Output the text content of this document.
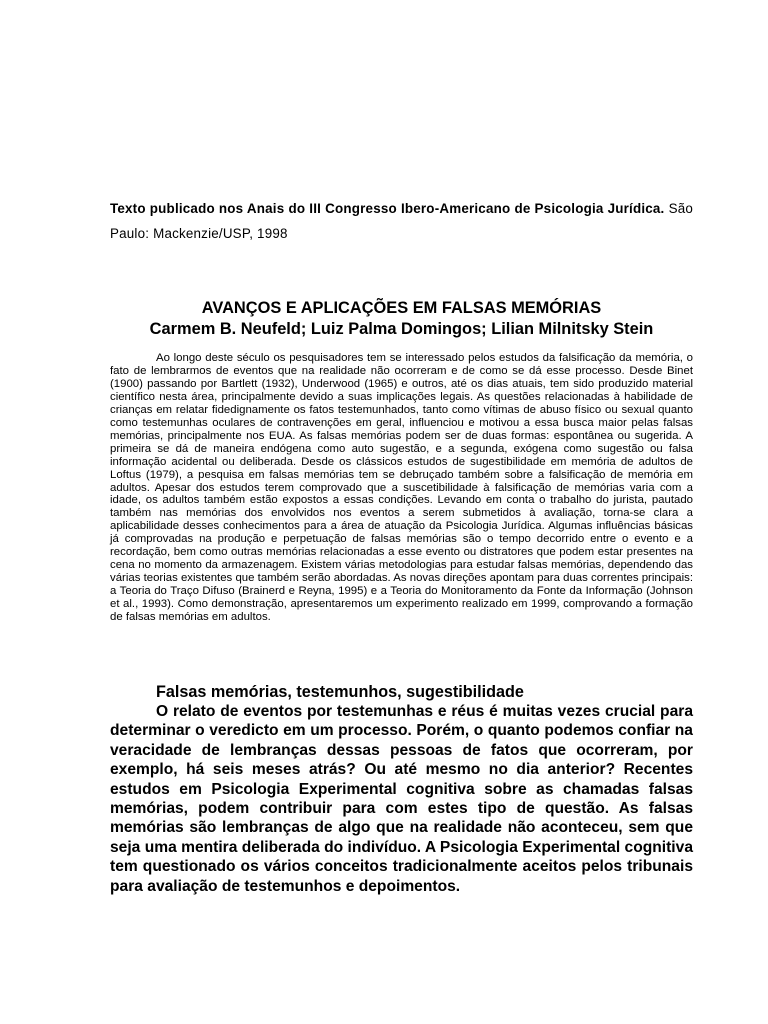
Texto publicado nos Anais do III Congresso Ibero-Americano de Psicologia Jurídica. São Paulo: Mackenzie/USP, 1998
AVANÇOS E APLICAÇÕES EM FALSAS MEMÓRIAS
Carmem B. Neufeld; Luiz Palma Domingos; Lilian Milnitsky Stein

Ao longo deste século os pesquisadores tem se interessado pelos estudos da falsificação da memória, o fato de lembrarmos de eventos que na realidade não ocorreram e de como se dá esse processo. Desde Binet (1900) passando por Bartlett (1932), Underwood (1965) e outros, até os dias atuais, tem sido produzido material científico nesta área, principalmente devido a suas implicações legais. As questões relacionadas à habilidade de crianças em relatar fidedignamente os fatos testemunhados, tanto como vítimas de abuso físico ou sexual quanto como testemunhas oculares de contravenções em geral, influenciou e motivou a essa busca maior pelas falsas memórias, principalmente nos EUA. As falsas memórias podem ser de duas formas: espontânea ou sugerida. A primeira se dá de maneira endógena como auto sugestão, e a segunda, exógena como sugestão ou falsa informação acidental ou deliberada. Desde os clássicos estudos de sugestibilidade em memória de adultos de Loftus (1979), a pesquisa em falsas memórias tem se debruçado também sobre a falsificação de memória em adultos. Apesar dos estudos terem comprovado que a suscetibilidade à falsificação de memórias varia com a idade, os adultos também estão expostos a essas condições. Levando em conta o trabalho do jurista, pautado também nas memórias dos envolvidos nos eventos a serem submetidos à avaliação, torna-se clara a aplicabilidade desses conhecimentos para a área de atuação da Psicologia Jurídica. Algumas influências básicas já comprovadas na produção e perpetuação de falsas memórias são o tempo decorrido entre o evento e a recordação, bem como outras memórias relacionadas a esse evento ou distratores que podem estar presentes na cena no momento da armazenagem. Existem várias metodologias para estudar falsas memórias, dependendo das várias teorias existentes que também serão abordadas. As novas direções apontam para duas correntes principais: a Teoria do Traço Difuso (Brainerd e Reyna, 1995) e a Teoria do Monitoramento da Fonte da Informação (Johnson et al., 1993). Como demonstração, apresentaremos um experimento realizado em 1999, comprovando a formação de falsas memórias em adultos.

Falsas memórias, testemunhos, sugestibilidade

O relato de eventos por testemunhas e réus é muitas vezes crucial para determinar o veredicto em um processo. Porém, o quanto podemos confiar na veracidade de lembranças dessas pessoas de fatos que ocorreram, por exemplo, há seis meses atrás? Ou até mesmo no dia anterior? Recentes estudos em Psicologia Experimental cognitiva sobre as chamadas falsas memórias, podem contribuir para com estes tipo de questão. As falsas memórias são lembranças de algo que na realidade não aconteceu, sem que seja uma mentira deliberada do indivíduo. A Psicologia Experimental cognitiva tem questionado os vários conceitos tradicionalmente aceitos pelos tribunais para avaliação de testemunhos e depoimentos.
